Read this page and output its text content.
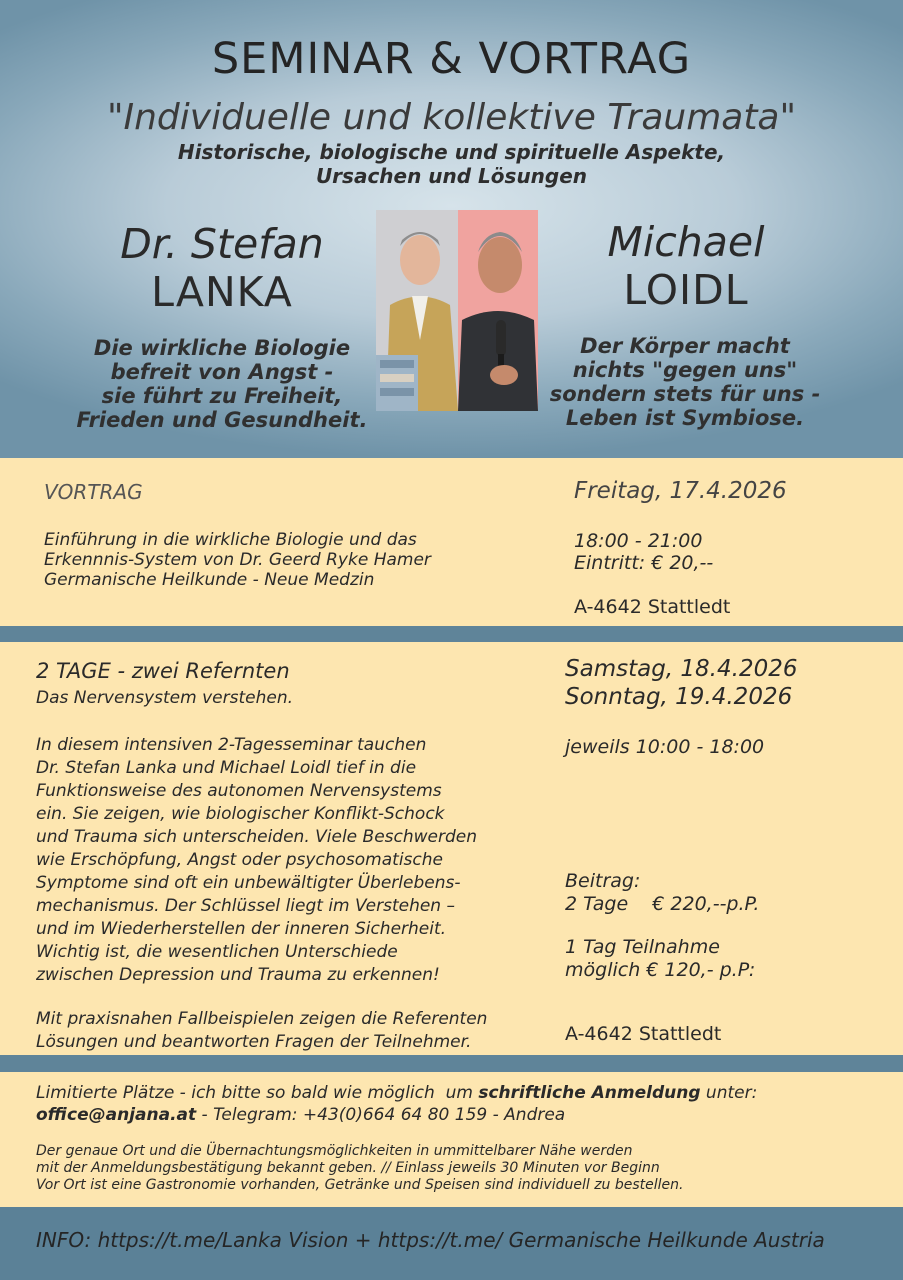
SEMINAR & VORTRAG
"Individuelle und kollektive Traumata"
Historische, biologische und spirituelle Aspekte,
Ursachen und Lösungen
Dr. Stefan
LANKA
Die wirkliche Biologie
befreit von Angst -
sie führt zu Freiheit,
Frieden und Gesundheit.
Michael
LOIDL
Der Körper macht
nichts "gegen uns"
sondern stets für uns -
Leben ist Symbiose.
VORTRAG
Einführung in die wirkliche Biologie und das
Erkennnis-System von Dr. Geerd Ryke Hamer
Germanische Heilkunde - Neue Medzin
Freitag, 17.4.2026
18:00 - 21:00
Eintritt: € 20,--
A-4642 Stattledt
2 TAGE - zwei Refernten
Das Nervensystem verstehen.
In diesem intensiven 2-Tagesseminar tauchen
Dr. Stefan Lanka und Michael Loidl tief in die
Funktionsweise des autonomen Nervensystems
ein. Sie zeigen, wie biologischer Konflikt-Schock
und Trauma sich unterscheiden. Viele Beschwerden
wie Erschöpfung, Angst oder psychosomatische
Symptome sind oft ein unbewältigter Überlebens-
mechanismus. Der Schlüssel liegt im Verstehen –
und im Wiederherstellen der inneren Sicherheit.
Wichtig ist, die wesentlichen Unterschiede
zwischen Depression und Trauma zu erkennen!
Mit praxisnahen Fallbeispielen zeigen die Referenten
Lösungen und beantworten Fragen der Teilnehmer.
Samstag, 18.4.2026
Sonntag, 19.4.2026
jeweils 10:00 - 18:00
Beitrag:
2 Tage    € 220,--p.P.
1 Tag Teilnahme
möglich € 120,- p.P:
A-4642 Stattledt
Limitierte Plätze - ich bitte so bald wie möglich  um schriftliche Anmeldung unter:
office@anjana.at - Telegram: +43(0)664 64 80 159 - Andrea
Der genaue Ort und die Übernachtungsmöglichkeiten in ummittelbarer Nähe werden
mit der Anmeldungsbestätigung bekannt geben. // Einlass jeweils 30 Minuten vor Beginn
Vor Ort ist eine Gastronomie vorhanden, Getränke und Speisen sind individuell zu bestellen.
INFO: https://t.me/Lanka Vision + https://t.me/ Germanische Heilkunde Austria
